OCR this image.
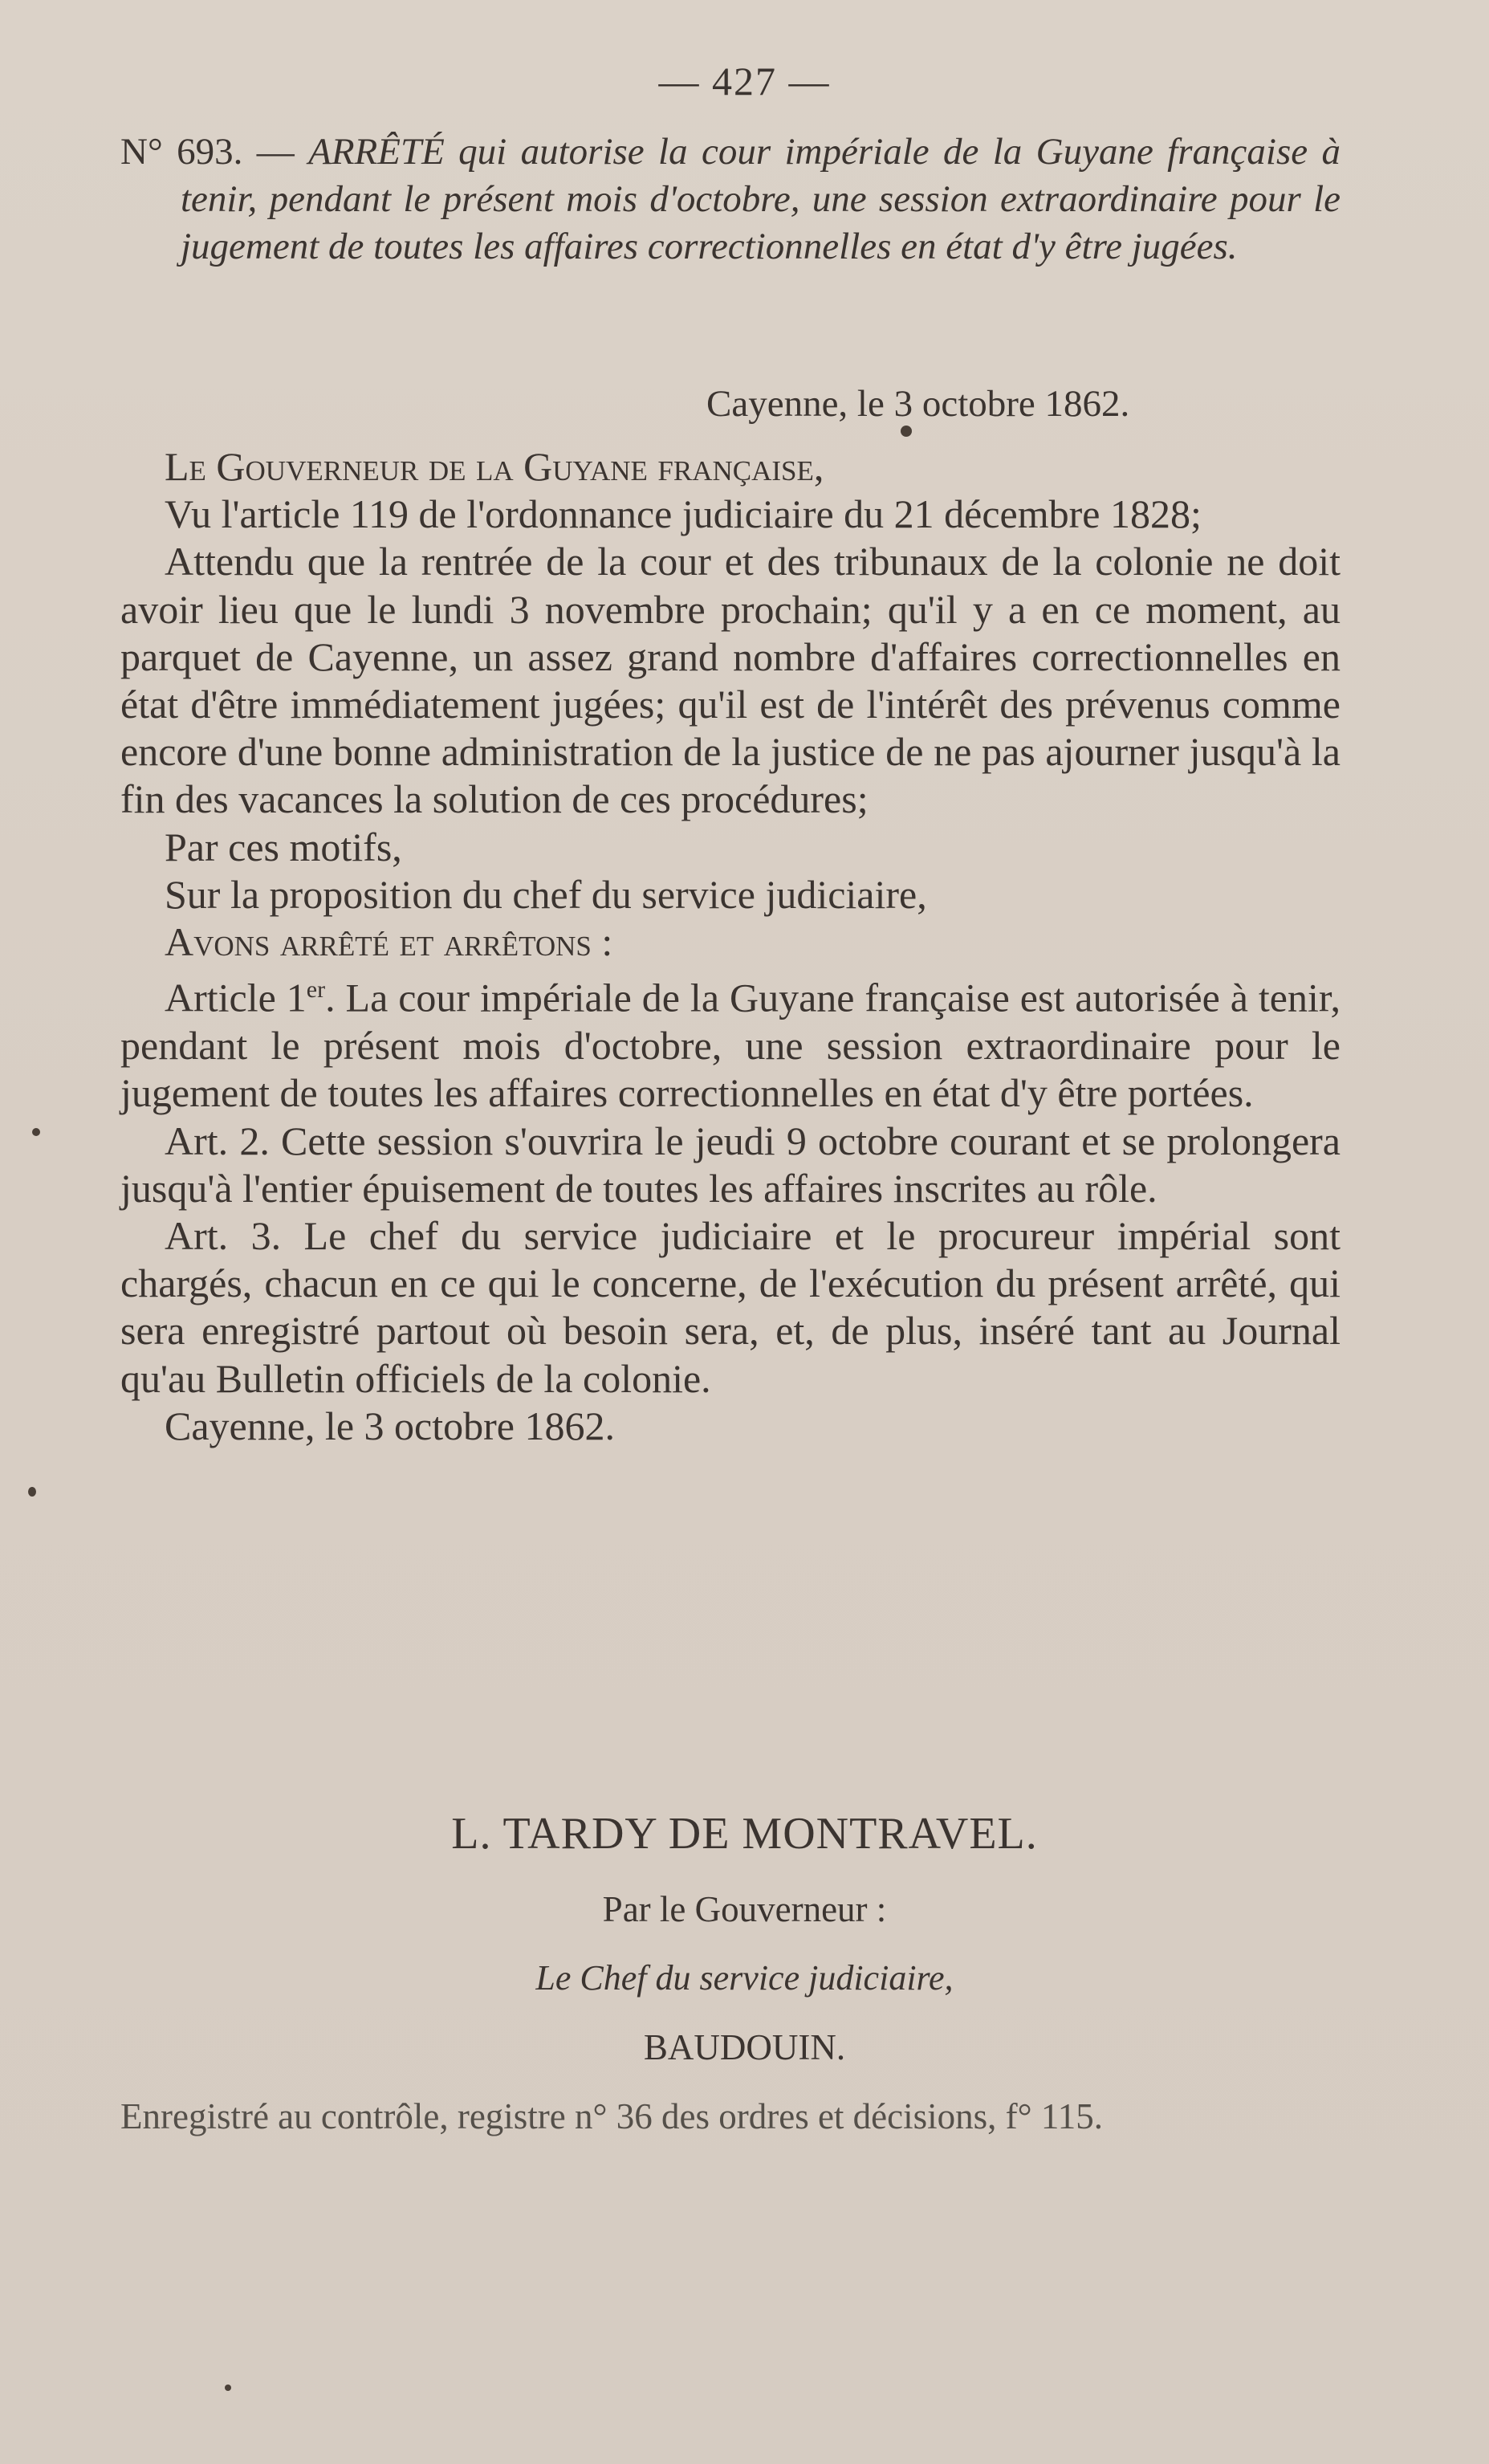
— 427 —

N° 693. — ARRÊTÉ qui autorise la cour impériale de la Guyane française à tenir, pendant le présent mois d'octobre, une session extraordinaire pour le jugement de toutes les affaires correctionnelles en état d'y être jugées.

Cayenne, le 3 octobre 1862.

Le Gouverneur de la Guyane française,

Vu l'article 119 de l'ordonnance judiciaire du 21 décembre 1828;

Attendu que la rentrée de la cour et des tribunaux de la colonie ne doit avoir lieu que le lundi 3 novembre prochain; qu'il y a en ce moment, au parquet de Cayenne, un assez grand nombre d'affaires correctionnelles en état d'être immédiatement jugées; qu'il est de l'intérêt des prévenus comme encore d'une bonne administration de la justice de ne pas ajourner jusqu'à la fin des vacances la solution de ces procédures;

Par ces motifs,

Sur la proposition du chef du service judiciaire,

Avons arrêté et arrêtons :

Article 1er. La cour impériale de la Guyane française est autorisée à tenir, pendant le présent mois d'octobre, une session extraordinaire pour le jugement de toutes les affaires correctionnelles en état d'y être portées.

Art. 2. Cette session s'ouvrira le jeudi 9 octobre courant et se prolongera jusqu'à l'entier épuisement de toutes les affaires inscrites au rôle.

Art. 3. Le chef du service judiciaire et le procureur impérial sont chargés, chacun en ce qui le concerne, de l'exécution du présent arrêté, qui sera enregistré partout où besoin sera, et, de plus, inséré tant au Journal qu'au Bulletin officiels de la colonie.

Cayenne, le 3 octobre 1862.

L. TARDY DE MONTRAVEL.
Par le Gouverneur :
Le Chef du service judiciaire,
BAUDOUIN.
Enregistré au contrôle, registre n° 36 des ordres et décisions, f° 115.
